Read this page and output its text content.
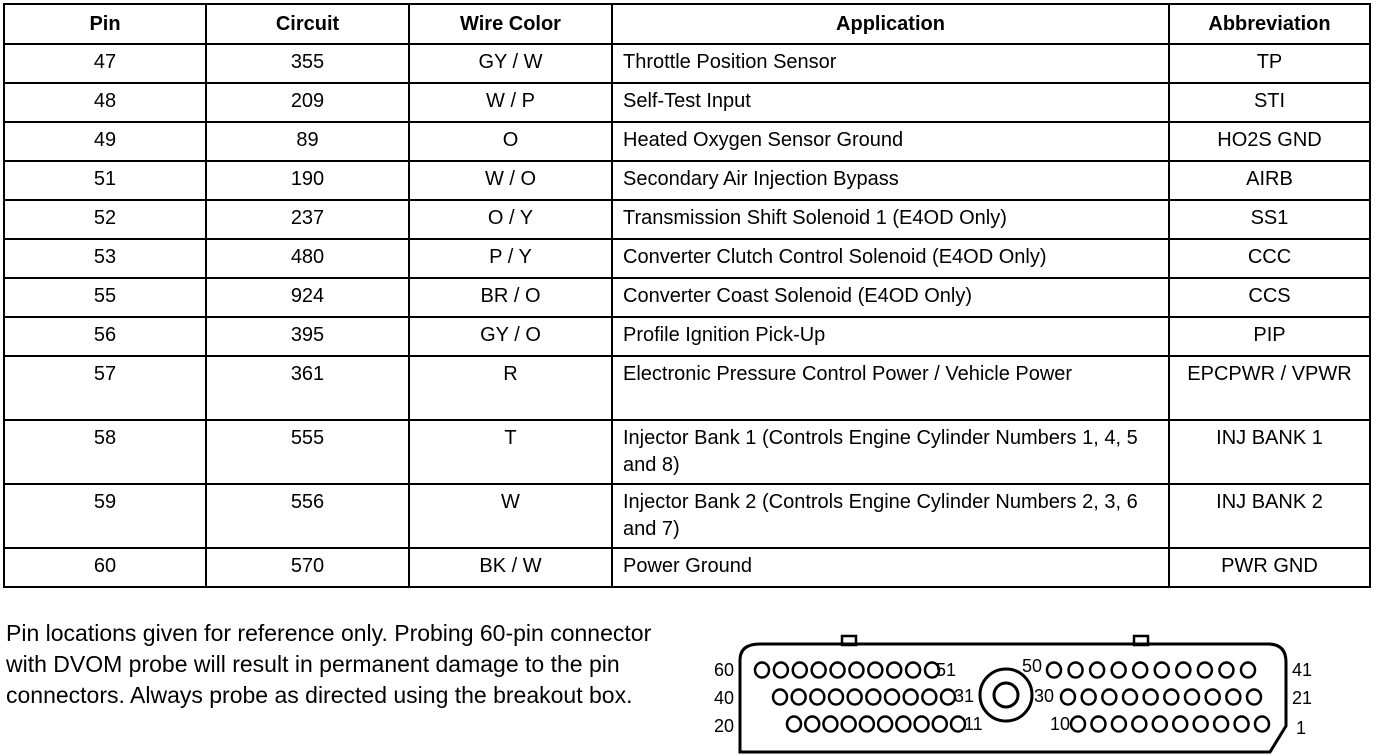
Pin	Circuit	Wire Color	Application	Abbreviation
47	355	GY / W	Throttle Position Sensor	TP
48	209	W / P	Self-Test Input	STI
49	89	O	Heated Oxygen Sensor Ground	HO2S GND
51	190	W / O	Secondary Air Injection Bypass	AIRB
52	237	O / Y	Transmission Shift Solenoid 1 (E4OD Only)	SS1
53	480	P / Y	Converter Clutch Control Solenoid (E4OD Only)	CCC
55	924	BR / O	Converter Coast Solenoid (E4OD Only)	CCS
56	395	GY / O	Profile Ignition Pick-Up	PIP
57	361	R	Electronic Pressure Control Power / Vehicle Power	EPCPWR / VPWR
58	555	T	Injector Bank 1 (Controls Engine Cylinder Numbers 1, 4, 5 and 8)	INJ BANK 1
59	556	W	Injector Bank 2 (Controls Engine Cylinder Numbers 2, 3, 6 and 7)	INJ BANK 2
60	570	BK / W	Power Ground	PWR GND
Pin locations given for reference only. Probing 60-pin connector with DVOM probe will result in permanent damage to the pin connectors. Always probe as directed using the breakout box.
60	51	50	41
40	31	30	21
20	11	10	1
